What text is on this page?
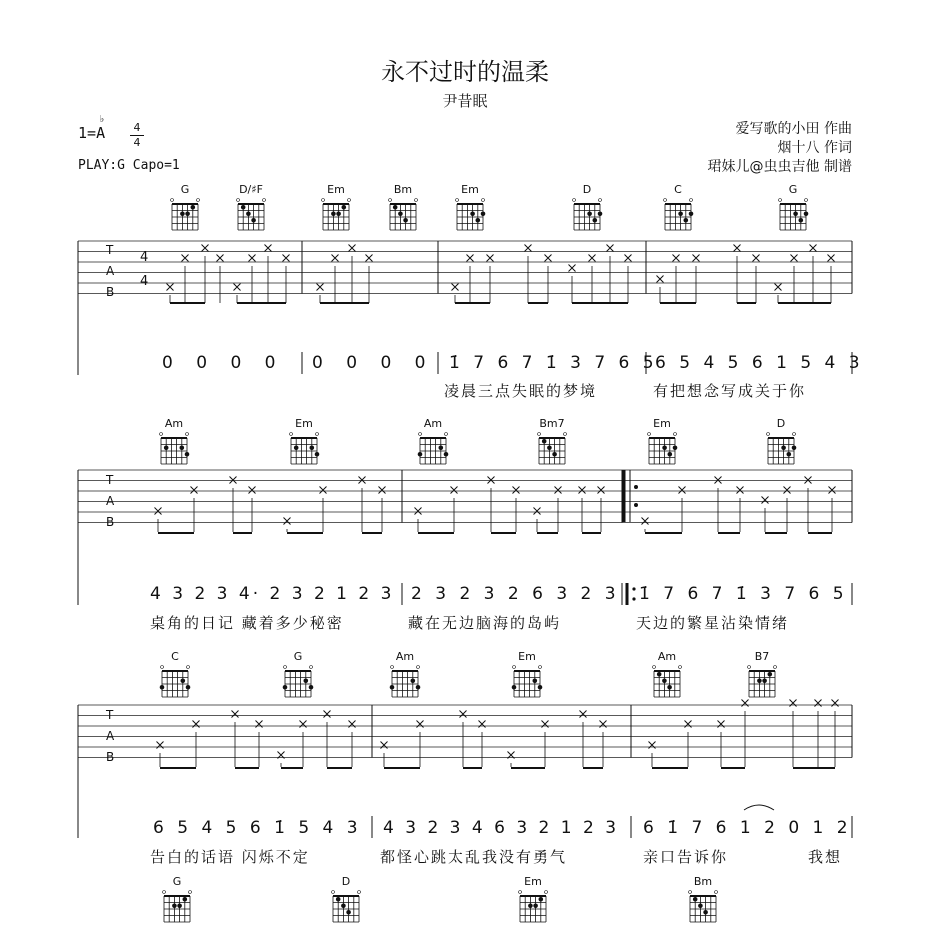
永不过时的温柔
尹昔眠
1=A
♭
4
4
PLAY:G Capo=1
爱写歌的小田 作曲
烟十八 作词
珺妹儿@虫虫吉他 制谱
G	D/♯F	Em	Bm	Em	D	C	G
Am	Em	Am	Bm7	Em	D
C	G	Am	Em	Am	B7
G	D	Em	Bm
T
A
B
4
4
T
A
B
T
A
B
0 0 0 0 0 0 0 0 1̇ 7 6 7 1̇ 3 7 6 5
6 5 4 5 6 1 5 4 3
凌晨三点失眠的梦境	有把想念写成关于你
4 3 2 3 4· 2 3 2 1 2 3 2 3 2 3 2 6 3 2 3 1̇ 7 6 7 1̇ 3 7 6 5
桌角的日记 藏着多少秘密	藏在无边脑海的岛屿	天边的繁星沾染情绪
6 5 4 5 6 1̇ 5 4 3 4 3 2 3 4 6 3 2 1 2 3 6 1̇ 7 6 1 2 0 1 2
告白的话语 闪烁不定	都怪心跳太乱我没有勇气	亲口告诉你	我想
